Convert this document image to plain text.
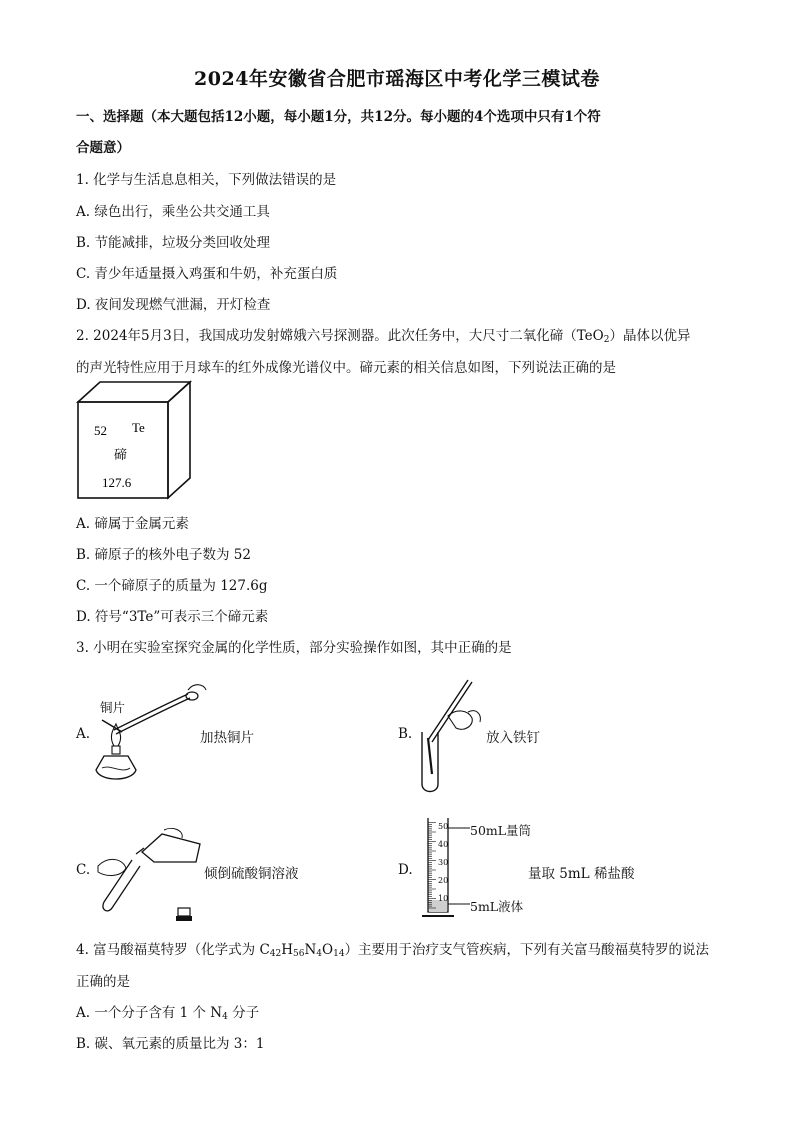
2024年安徽省合肥市瑶海区中考化学三模试卷
一、选择题（本大题包括12小题，每小题1分，共12分。每小题的4个选项中只有1个符
合题意）
1. 化学与生活息息相关，下列做法错误的是
A. 绿色出行，乘坐公共交通工具
B. 节能减排，垃圾分类回收处理
C. 青少年适量摄入鸡蛋和牛奶，补充蛋白质
D. 夜间发现燃气泄漏，开灯检查
2. 2024年5月3日，我国成功发射嫦娥六号探测器。此次任务中，大尺寸二氧化碲（TeO$_2$）晶体以优异
的声光特性应用于月球车的红外成像光谱仪中。碲元素的相关信息如图，下列说法正确的是
52 Te
碲
127.6
A. 碲属于金属元素
B. 碲原子的核外电子数为 52
C. 一个碲原子的质量为 127.6g
D. 符号“3Te”可表示三个碲元素
3. 小明在实验室探究金属的化学性质，部分实验操作如图，其中正确的是
A.
铜片
加热铜片	B.	放入铁钉
C.	倾倒硫酸铜溶液	D.
50
40
30
20
10
50mL量筒
5mL液体
量取 5mL 稀盐酸
4. 富马酸福莫特罗（化学式为 $C_{42}H_{56}N_4O_{14}$）主要用于治疗支气管疾病，下列有关富马酸福莫特罗的说法
正确的是
A. 一个分子含有 1 个 $N_4$ 分子
B. 碳、氧元素的质量比为 3：1
